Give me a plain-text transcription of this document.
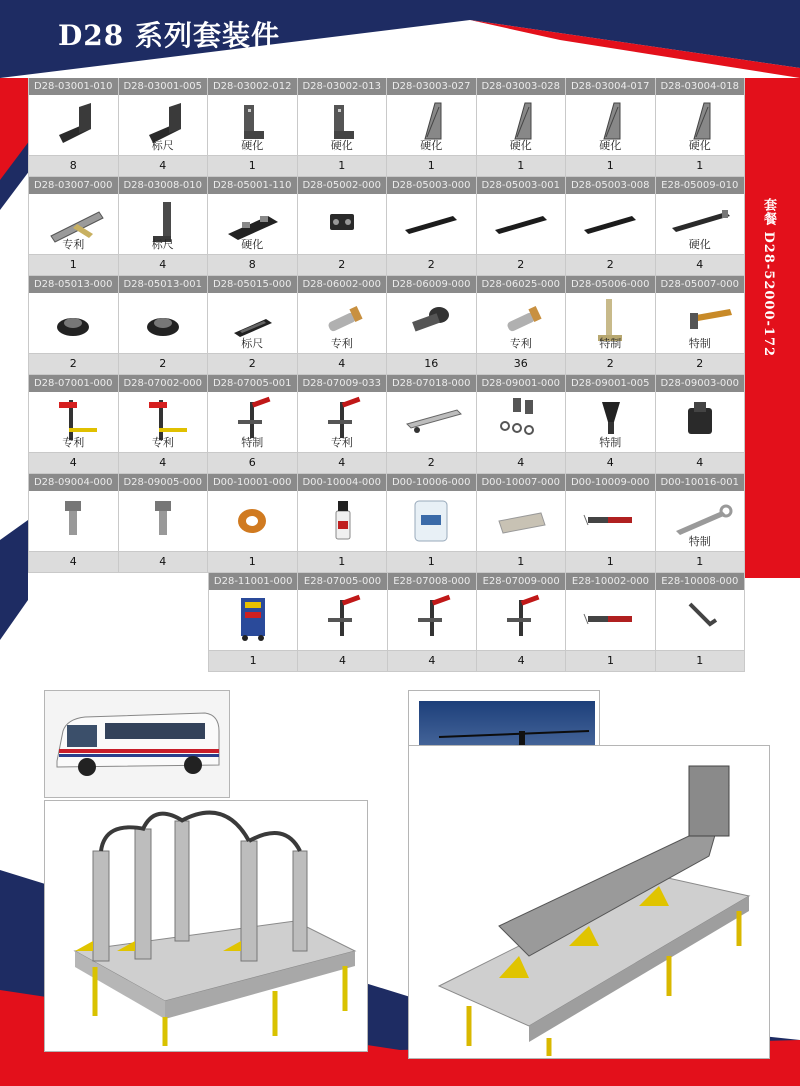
D28 系列套装件
套餐 D28-52000-172
D28-03001-010
8
D28-03001-005
标尺
4
D28-03002-012
硬化
1
D28-03002-013
硬化
1
D28-03003-027
硬化
1
D28-03003-028
硬化
1
D28-03004-017
硬化
1
D28-03004-018
硬化
1
D28-03007-000
专利
1
D28-03008-010
标尺
4
D28-05001-110
硬化
8
D28-05002-000
2
D28-05003-000
2
D28-05003-001
2
D28-05003-008
2
E28-05009-010
硬化
4
D28-05013-000
2
D28-05013-001
2
D28-05015-000
标尺
2
D28-06002-000
专利
4
D28-06009-000
16
D28-06025-000
专利
36
D28-05006-000
特制
2
D28-05007-000
特制
2
D28-07001-000
专利
4
D28-07002-000
专利
4
D28-07005-001
特制
6
D28-07009-033
专利
4
D28-07018-000
2
D28-09001-000
4
D28-09001-005
特制
4
D28-09003-000
4
D28-09004-000
4
D28-09005-000
4
D00-10001-000
1
D00-10004-000
1
D00-10006-000
1
D00-10007-000
1
D00-10009-000
1
D00-10016-001
特制
1
D28-11001-000
1
E28-07005-000
4
E28-07008-000
4
E28-07009-000
4
E28-10002-000
1
E28-10008-000
1
